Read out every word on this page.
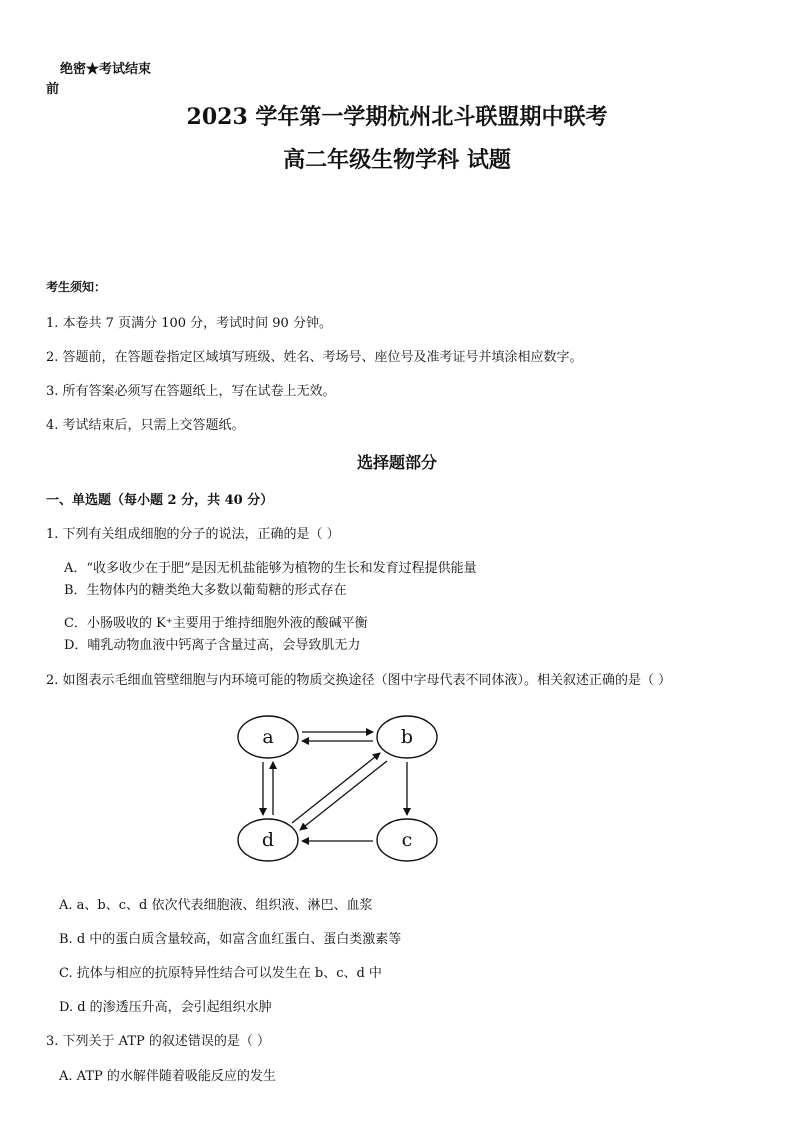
绝密★考试结束
前
2023 学年第一学期杭州北斗联盟期中联考
高二年级生物学科 试题
考生须知：
1. 本卷共 7 页满分 100 分，考试时间 90 分钟。
2. 答题前，在答题卷指定区域填写班级、姓名、考场号、座位号及准考证号并填涂相应数字。
3. 所有答案必须写在答题纸上，写在试卷上无效。
4. 考试结束后，只需上交答题纸。
选择题部分
一、单选题（每小题 2 分，共 40 分）
1. 下列有关组成细胞的分子的说法，正确的是（ ）
A．“收多收少在于肥”是因无机盐能够为植物的生长和发育过程提供能量
B．生物体内的糖类绝大多数以葡萄糖的形式存在
C．小肠吸收的 K⁺主要用于维持细胞外液的酸碱平衡
D．哺乳动物血液中钙离子含量过高，会导致肌无力
2. 如图表示毛细血管壁细胞与内环境可能的物质交换途径（图中字母代表不同体液）。相关叙述正确的是（ ）
a	b
c
d
A. a、b、c、d 依次代表细胞液、组织液、淋巴、血浆
B. d 中的蛋白质含量较高，如富含血红蛋白、蛋白类激素等
C. 抗体与相应的抗原特异性结合可以发生在 b、c、d 中
D. d 的渗透压升高，会引起组织水肿
3. 下列关于 ATP 的叙述错误的是（ ）
A. ATP 的水解伴随着吸能反应的发生
